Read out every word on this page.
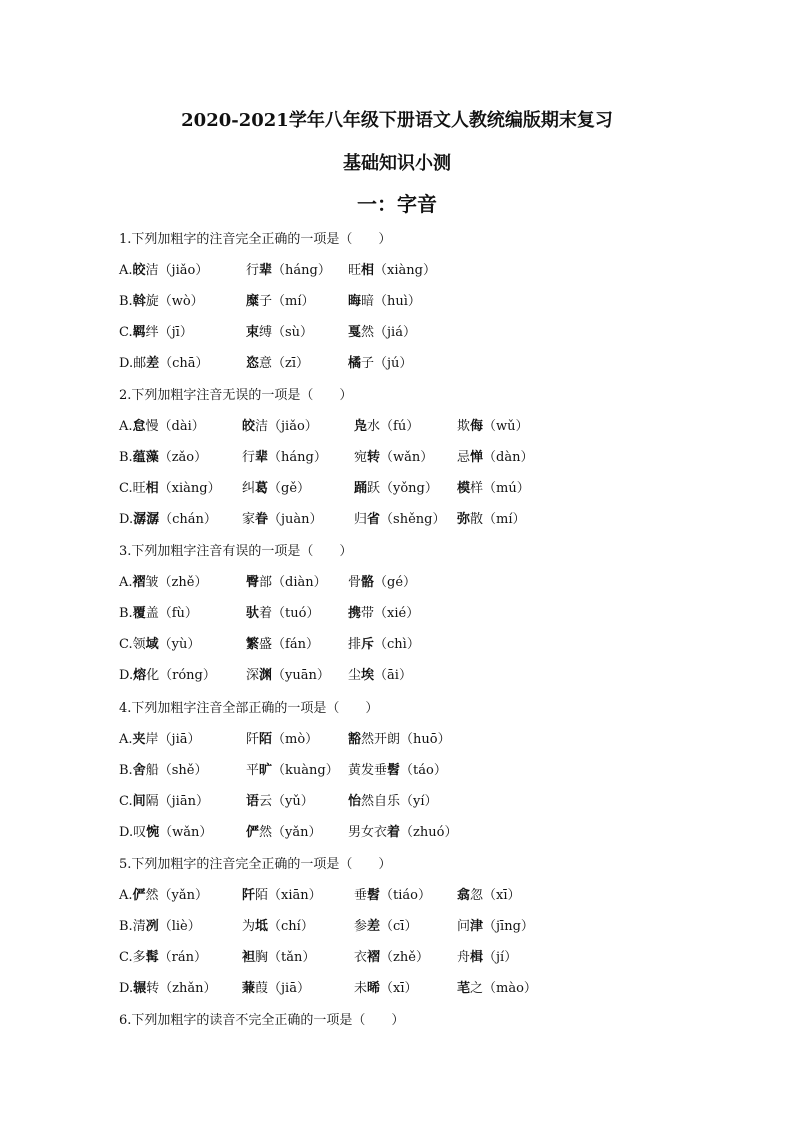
2020-2021学年八年级下册语文人教统编版期末复习
基础知识小测
一：字音
1.下列加粗字的注音完全正确的一项是（　　）
A.皎洁（jiǎo）	行辈（háng） 旺相（xiàng）
B.斡旋（wò）	糜子（mí）	晦暗（huì）
C.羁绊（jī）	束缚（sù）	戛然（jiá）
D.邮差（chā）	恣意（zī）	橘子（jú）
2.下列加粗字注音无误的一项是（　　）
A.怠慢（dài）	皎洁（jiǎo）	凫水（fú）	欺侮（wǔ）
B.蕴藻（zǎo）	行辈（háng） 宛转（wǎn） 忌惮（dàn）
C.旺相（xiàng） 纠葛（gě）	踊跃（yǒng） 模样（mú）
D.潺潺（chán） 家眷（juàn） 归省（shěng） 弥散（mí）
3.下列加粗字注音有误的一项是（　　）
A.褶皱（zhě）	臀部（diàn） 骨骼（gé）
B.覆盖（fù）	驮着（tuó） 携带（xié）
C.领域（yù）	繁盛（fán） 排斥（chì）
D.熔化（róng） 深渊（yuān） 尘埃（āi）
4.下列加粗字注音全部正确的一项是（　　）
A.夹岸（jiā）	阡陌（mò） 豁然开朗（huō）
B.舍船（shě）	平旷（kuàng） 黄发垂髫（táo）
C.间隔（jiān）	语云（yǔ）	怡然自乐（yí）
D.叹惋（wǎn）	俨然（yǎn） 男女衣着（zhuó）
5.下列加粗字的注音完全正确的一项是（　　）
A.俨然（yǎn）	阡陌（xiān） 垂髫（tiáo） 翕忽（xī）
B.清冽（liè）	为坻（chí）	参差（cī）	问津（jīng）
C.多髯（rán）	袒胸（tǎn）	衣褶（zhě） 舟楫（jí）
D.辗转（zhǎn） 蒹葭（jiā）	未晞（xī）	芼之（mào）
6.下列加粗字的读音不完全正确的一项是（　　）
